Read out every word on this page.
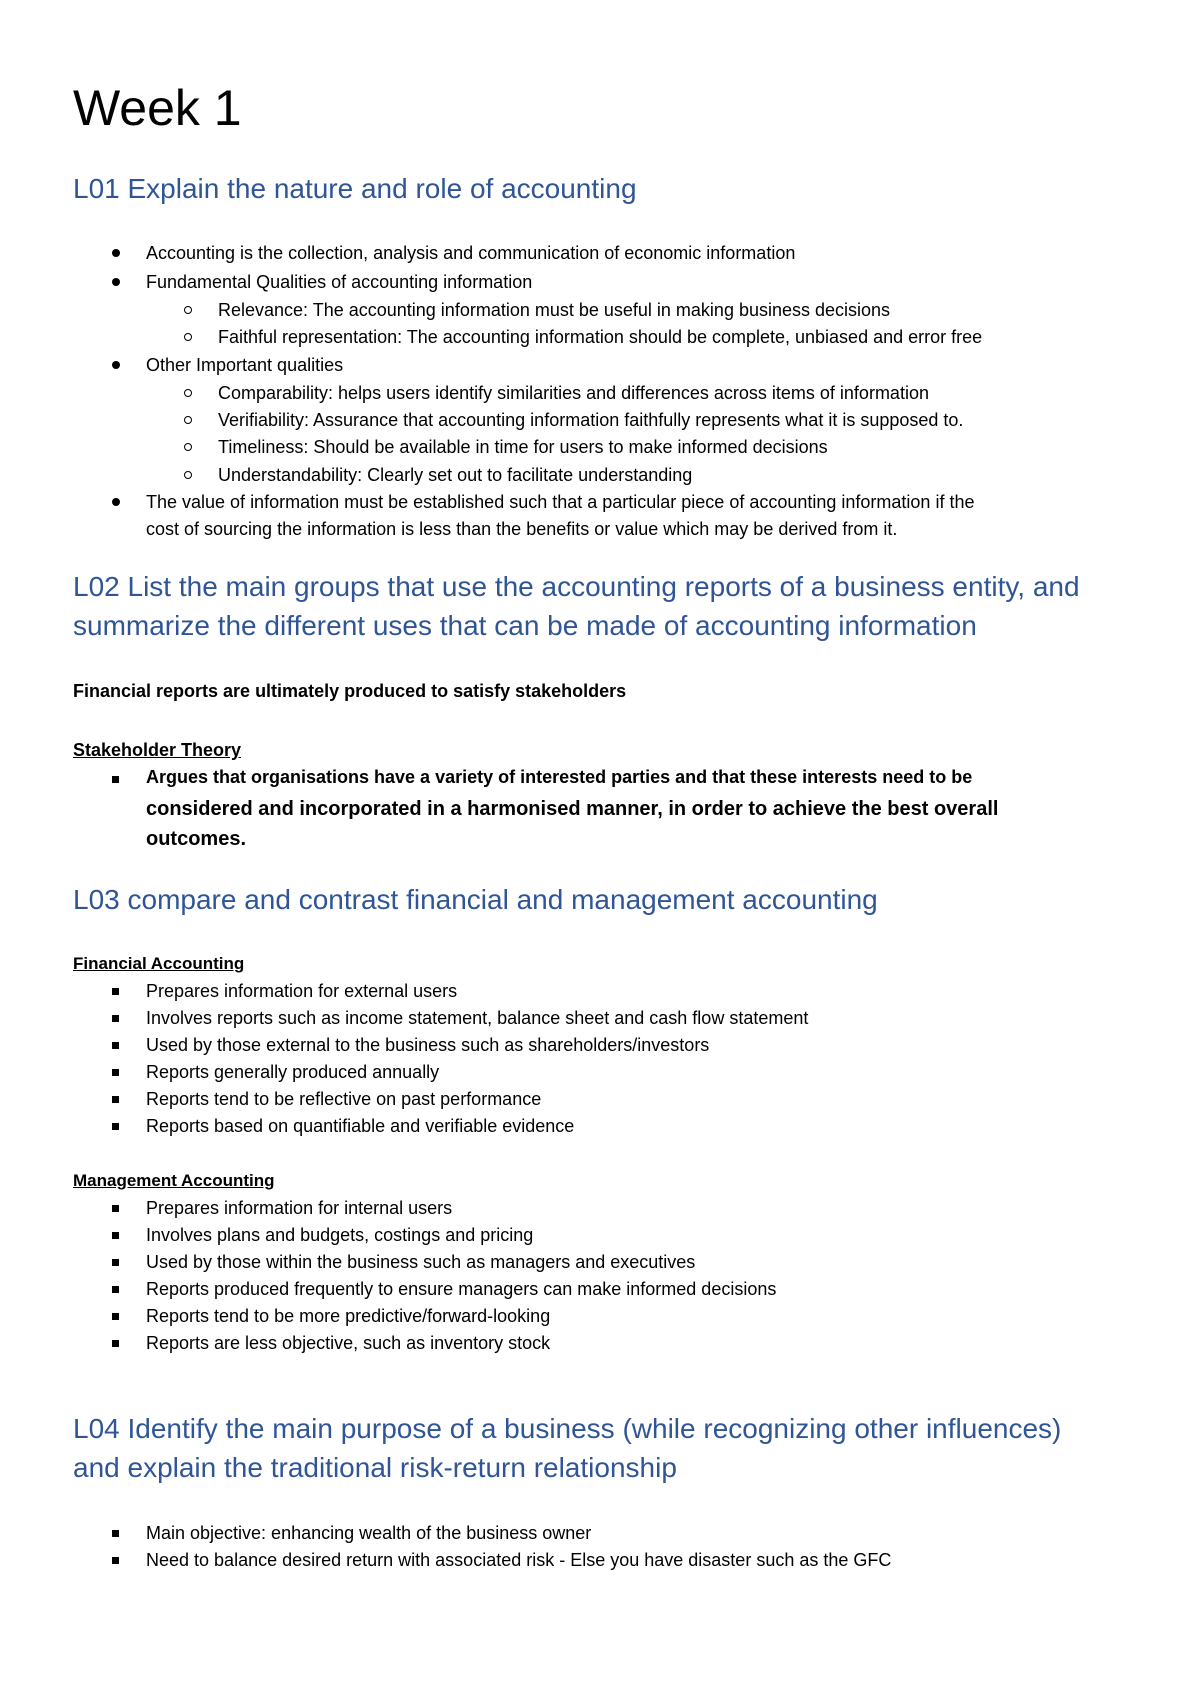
Week 1
L01 Explain the nature and role of accounting
Accounting is the collection, analysis and communication of economic information
Fundamental Qualities of accounting information
Relevance: The accounting information must be useful in making business decisions
Faithful representation: The accounting information should be complete, unbiased and error free
Other Important qualities
Comparability: helps users identify similarities and differences across items of information
Verifiability: Assurance that accounting information faithfully represents what it is supposed to.
Timeliness: Should be available in time for users to make informed decisions
Understandability: Clearly set out to facilitate understanding
The value of information must be established such that a particular piece of accounting information if the
cost of sourcing the information is less than the benefits or value which may be derived from it.
L02 List the main groups that use the accounting reports of a business entity, and
summarize the different uses that can be made of accounting information
Financial reports are ultimately produced to satisfy stakeholders
Stakeholder Theory
Argues that organisations have a variety of interested parties and that these interests need to be
considered and incorporated in a harmonised manner, in order to achieve the best overall
outcomes.
L03 compare and contrast financial and management accounting
Financial Accounting
Prepares information for external users
Involves reports such as income statement, balance sheet and cash flow statement
Used by those external to the business such as shareholders/investors
Reports generally produced annually
Reports tend to be reflective on past performance
Reports based on quantifiable and verifiable evidence
Management Accounting
Prepares information for internal users
Involves plans and budgets, costings and pricing
Used by those within the business such as managers and executives
Reports produced frequently to ensure managers can make informed decisions
Reports tend to be more predictive/forward-looking
Reports are less objective, such as inventory stock
L04 Identify the main purpose of a business (while recognizing other influences)
and explain the traditional risk-return relationship
Main objective: enhancing wealth of the business owner
Need to balance desired return with associated risk - Else you have disaster such as the GFC
